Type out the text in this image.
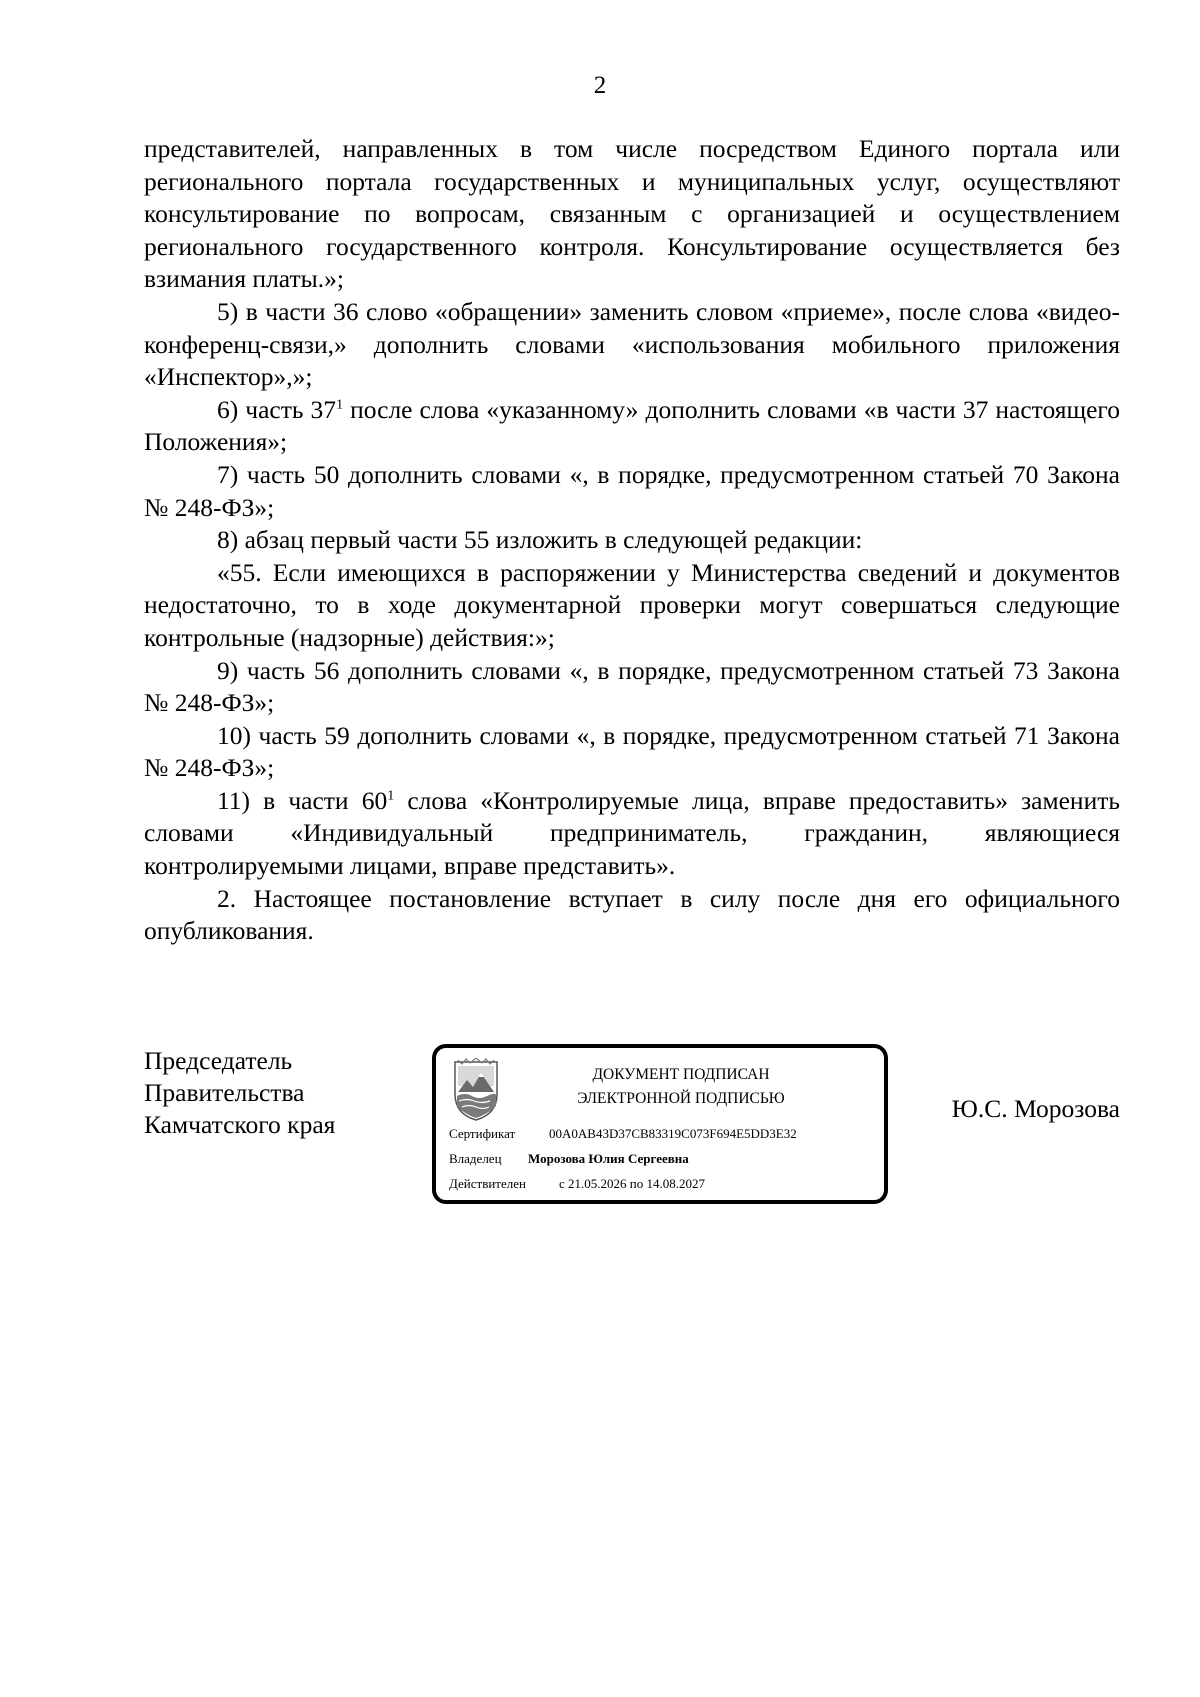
2

представителей, направленных в том числе посредством Единого портала или регионального портала государственных и муниципальных услуг, осуществляют консультирование по вопросам, связанным с организацией и осуществлением регионального государственного контроля. Консультирование осуществляется без взимания платы.»;

5) в части 36 слово «обращении» заменить словом «приеме», после слова «видео-конференц-связи,» дополнить словами «использования мобильного приложения «Инспектор»,»;

6) часть $37^1$ после слова «указанному» дополнить словами «в части 37 настоящего Положения»;

7) часть 50 дополнить словами «, в порядке, предусмотренном статьей 70 Закона № 248-ФЗ»;

8) абзац первый части 55 изложить в следующей редакции:

«55. Если имеющихся в распоряжении у Министерства сведений и документов недостаточно, то в ходе документарной проверки могут совершаться следующие контрольные (надзорные) действия:»;

9) часть 56 дополнить словами «, в порядке, предусмотренном статьей 73 Закона № 248-ФЗ»;

10) часть 59 дополнить словами «, в порядке, предусмотренном статьей 71 Закона № 248-ФЗ»;

11) в части $60^1$ слова «Контролируемые лица, вправе предоставить» заменить словами «Индивидуальный предприниматель, гражданин, являющиеся контролируемыми лицами, вправе представить».

2. Настоящее постановление вступает в силу после дня его официального опубликования.

Председатель
Правительства
Камчатского края
ДОКУМЕНТ ПОДПИСАН
ЭЛЕКТРОННОЙ ПОДПИСЬЮ
Сертификат	00A0AB43D37CB83319C073F694E5DD3E32
Владелец Морозова Юлия Сергеевна
Действителен	с 21.05.2026 по 14.08.2027
Ю.С. Морозова
